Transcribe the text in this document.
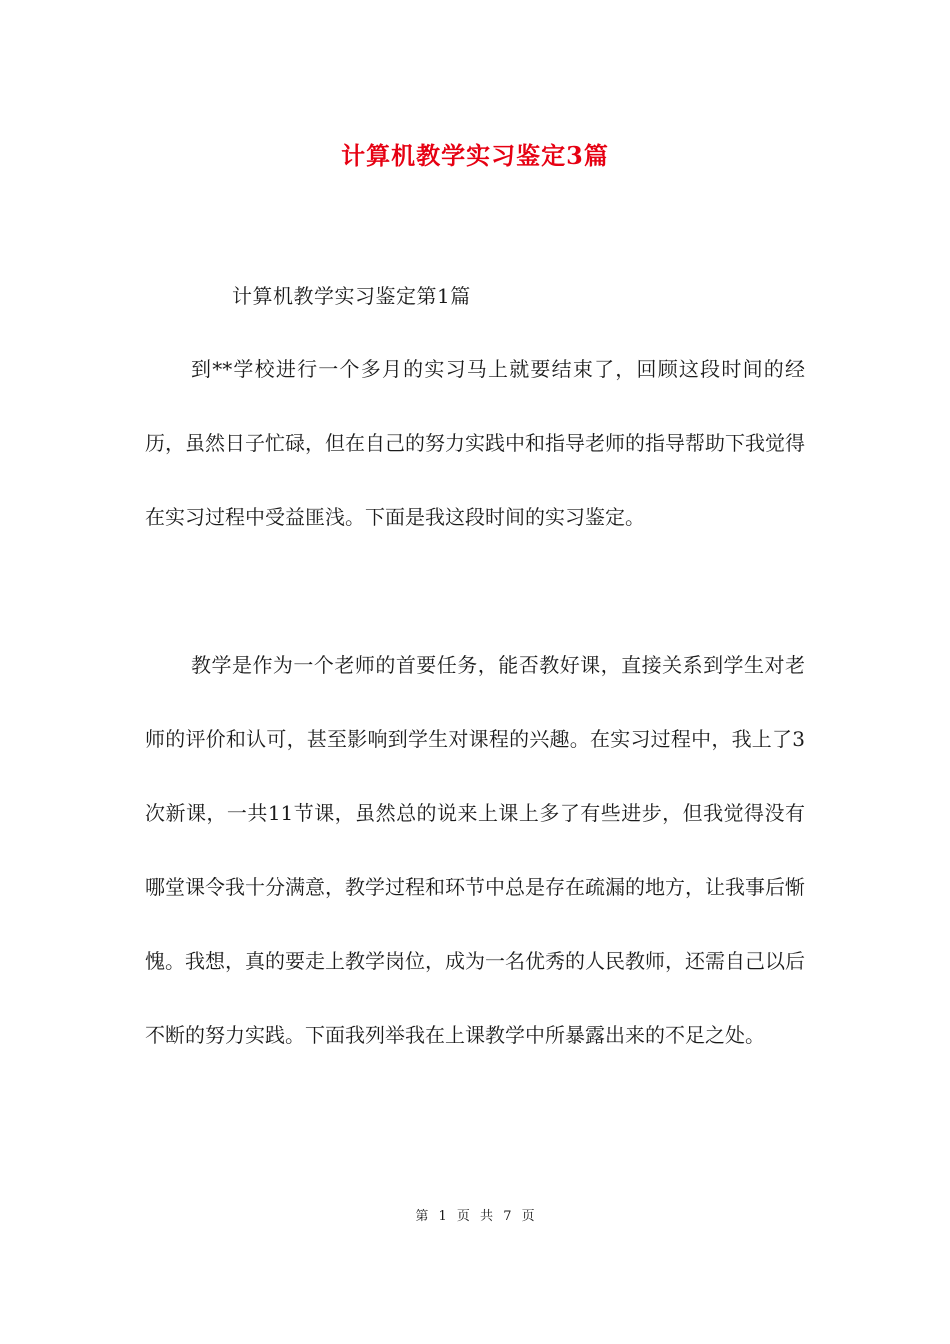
计算机教学实习鉴定3篇
计算机教学实习鉴定第1篇

到**学校进行一个多月的实习马上就要结束了，回顾这段时间的经历，虽然日子忙碌，但在自己的努力实践中和指导老师的指导帮助下我觉得在实习过程中受益匪浅。下面是我这段时间的实习鉴定。

教学是作为一个老师的首要任务，能否教好课，直接关系到学生对老师的评价和认可，甚至影响到学生对课程的兴趣。在实习过程中，我上了3次新课，一共11节课，虽然总的说来上课上多了有些进步，但我觉得没有哪堂课令我十分满意，教学过程和环节中总是存在疏漏的地方，让我事后惭愧。我想，真的要走上教学岗位，成为一名优秀的人民教师，还需自己以后不断的努力实践。下面我列举我在上课教学中所暴露出来的不足之处。

第 1 页 共 7 页
